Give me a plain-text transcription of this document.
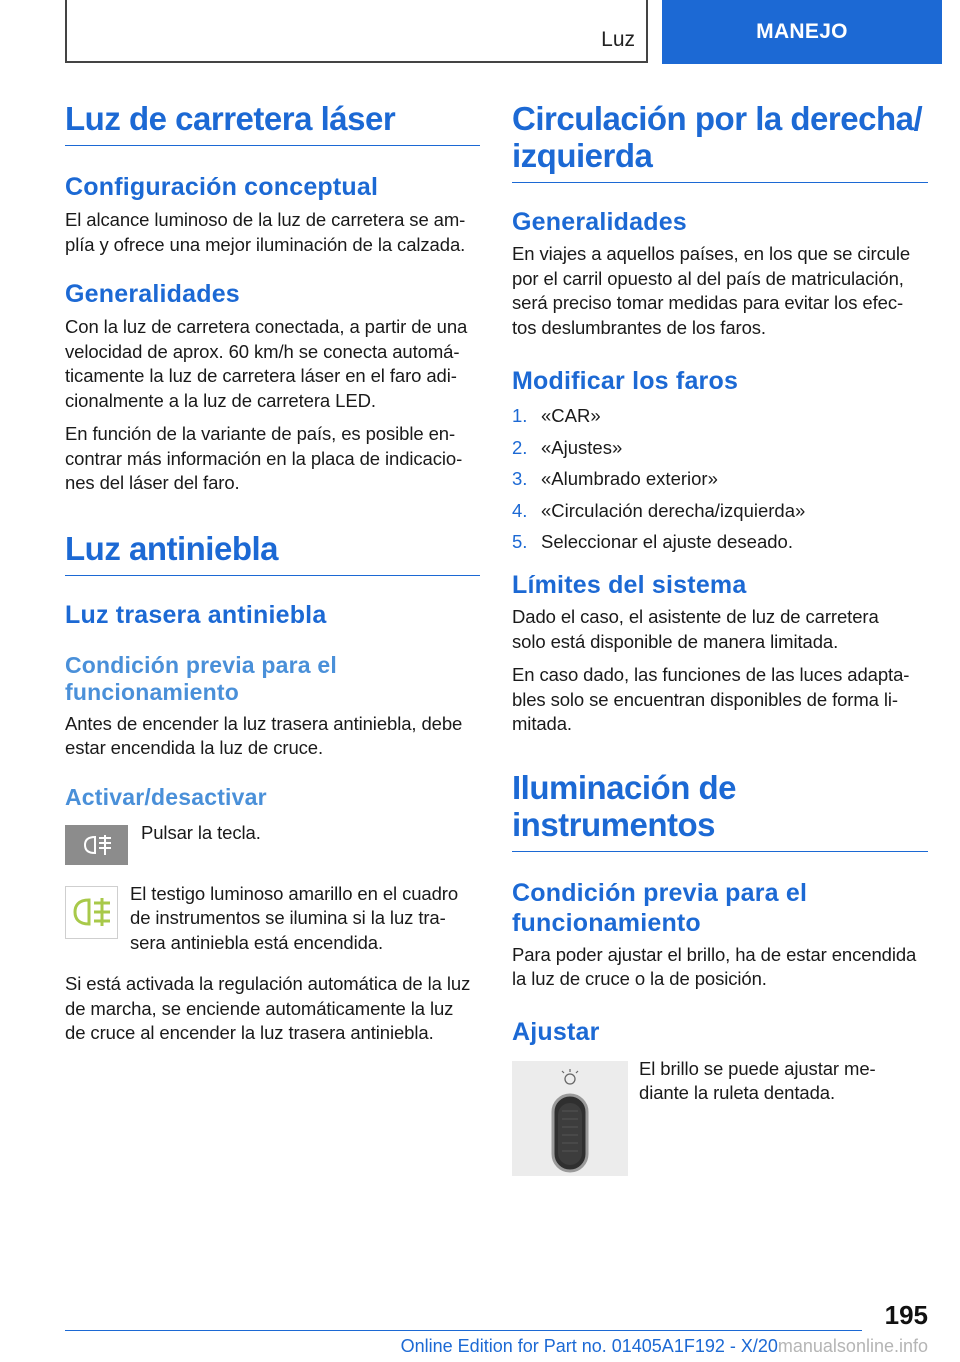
Luz	MANEJO
Luz de carretera láser
Configuración conceptual

El alcance luminoso de la luz de carretera se am-
plía y ofrece una mejor iluminación de la calzada.

Generalidades

Con la luz de carretera conectada, a partir de una
velocidad de aprox. 60 km/h se conecta automá-
ticamente la luz de carretera láser en el faro adi-
cionalmente a la luz de carretera LED.

En función de la variante de país, es posible en-
contrar más información en la placa de indicacio-
nes del láser del faro.

Luz antiniebla
Luz trasera antiniebla
Condición previa para el
funcionamiento

Antes de encender la luz trasera antiniebla, debe
estar encendida la luz de cruce.

Activar/desactivar

Pulsar la tecla.

El testigo luminoso amarillo en el cuadro
de instrumentos se ilumina si la luz tra-
sera antiniebla está encendida.

Si está activada la regulación automática de la luz
de marcha, se enciende automáticamente la luz
de cruce al encender la luz trasera antiniebla.

Circulación por la derecha/
izquierda
Generalidades

En viajes a aquellos países, en los que se circule
por el carril opuesto al del país de matriculación,
será preciso tomar medidas para evitar los efec-
tos deslumbrantes de los faros.

Modificar los faros
1. «CAR»
2. «Ajustes»
3. «Alumbrado exterior»
4. «Circulación derecha/izquierda»
5. Seleccionar el ajuste deseado.
Límites del sistema

Dado el caso, el asistente de luz de carretera
solo está disponible de manera limitada.

En caso dado, las funciones de las luces adapta-
bles solo se encuentran disponibles de forma li-
mitada.

Iluminación de
instrumentos
Condición previa para el
funcionamiento

Para poder ajustar el brillo, ha de estar encendida
la luz de cruce o la de posición.

Ajustar

El brillo se puede ajustar me-
diante la ruleta dentada.

195
Online Edition for Part no. 01405A1F192 - X/20manualsonline.info
